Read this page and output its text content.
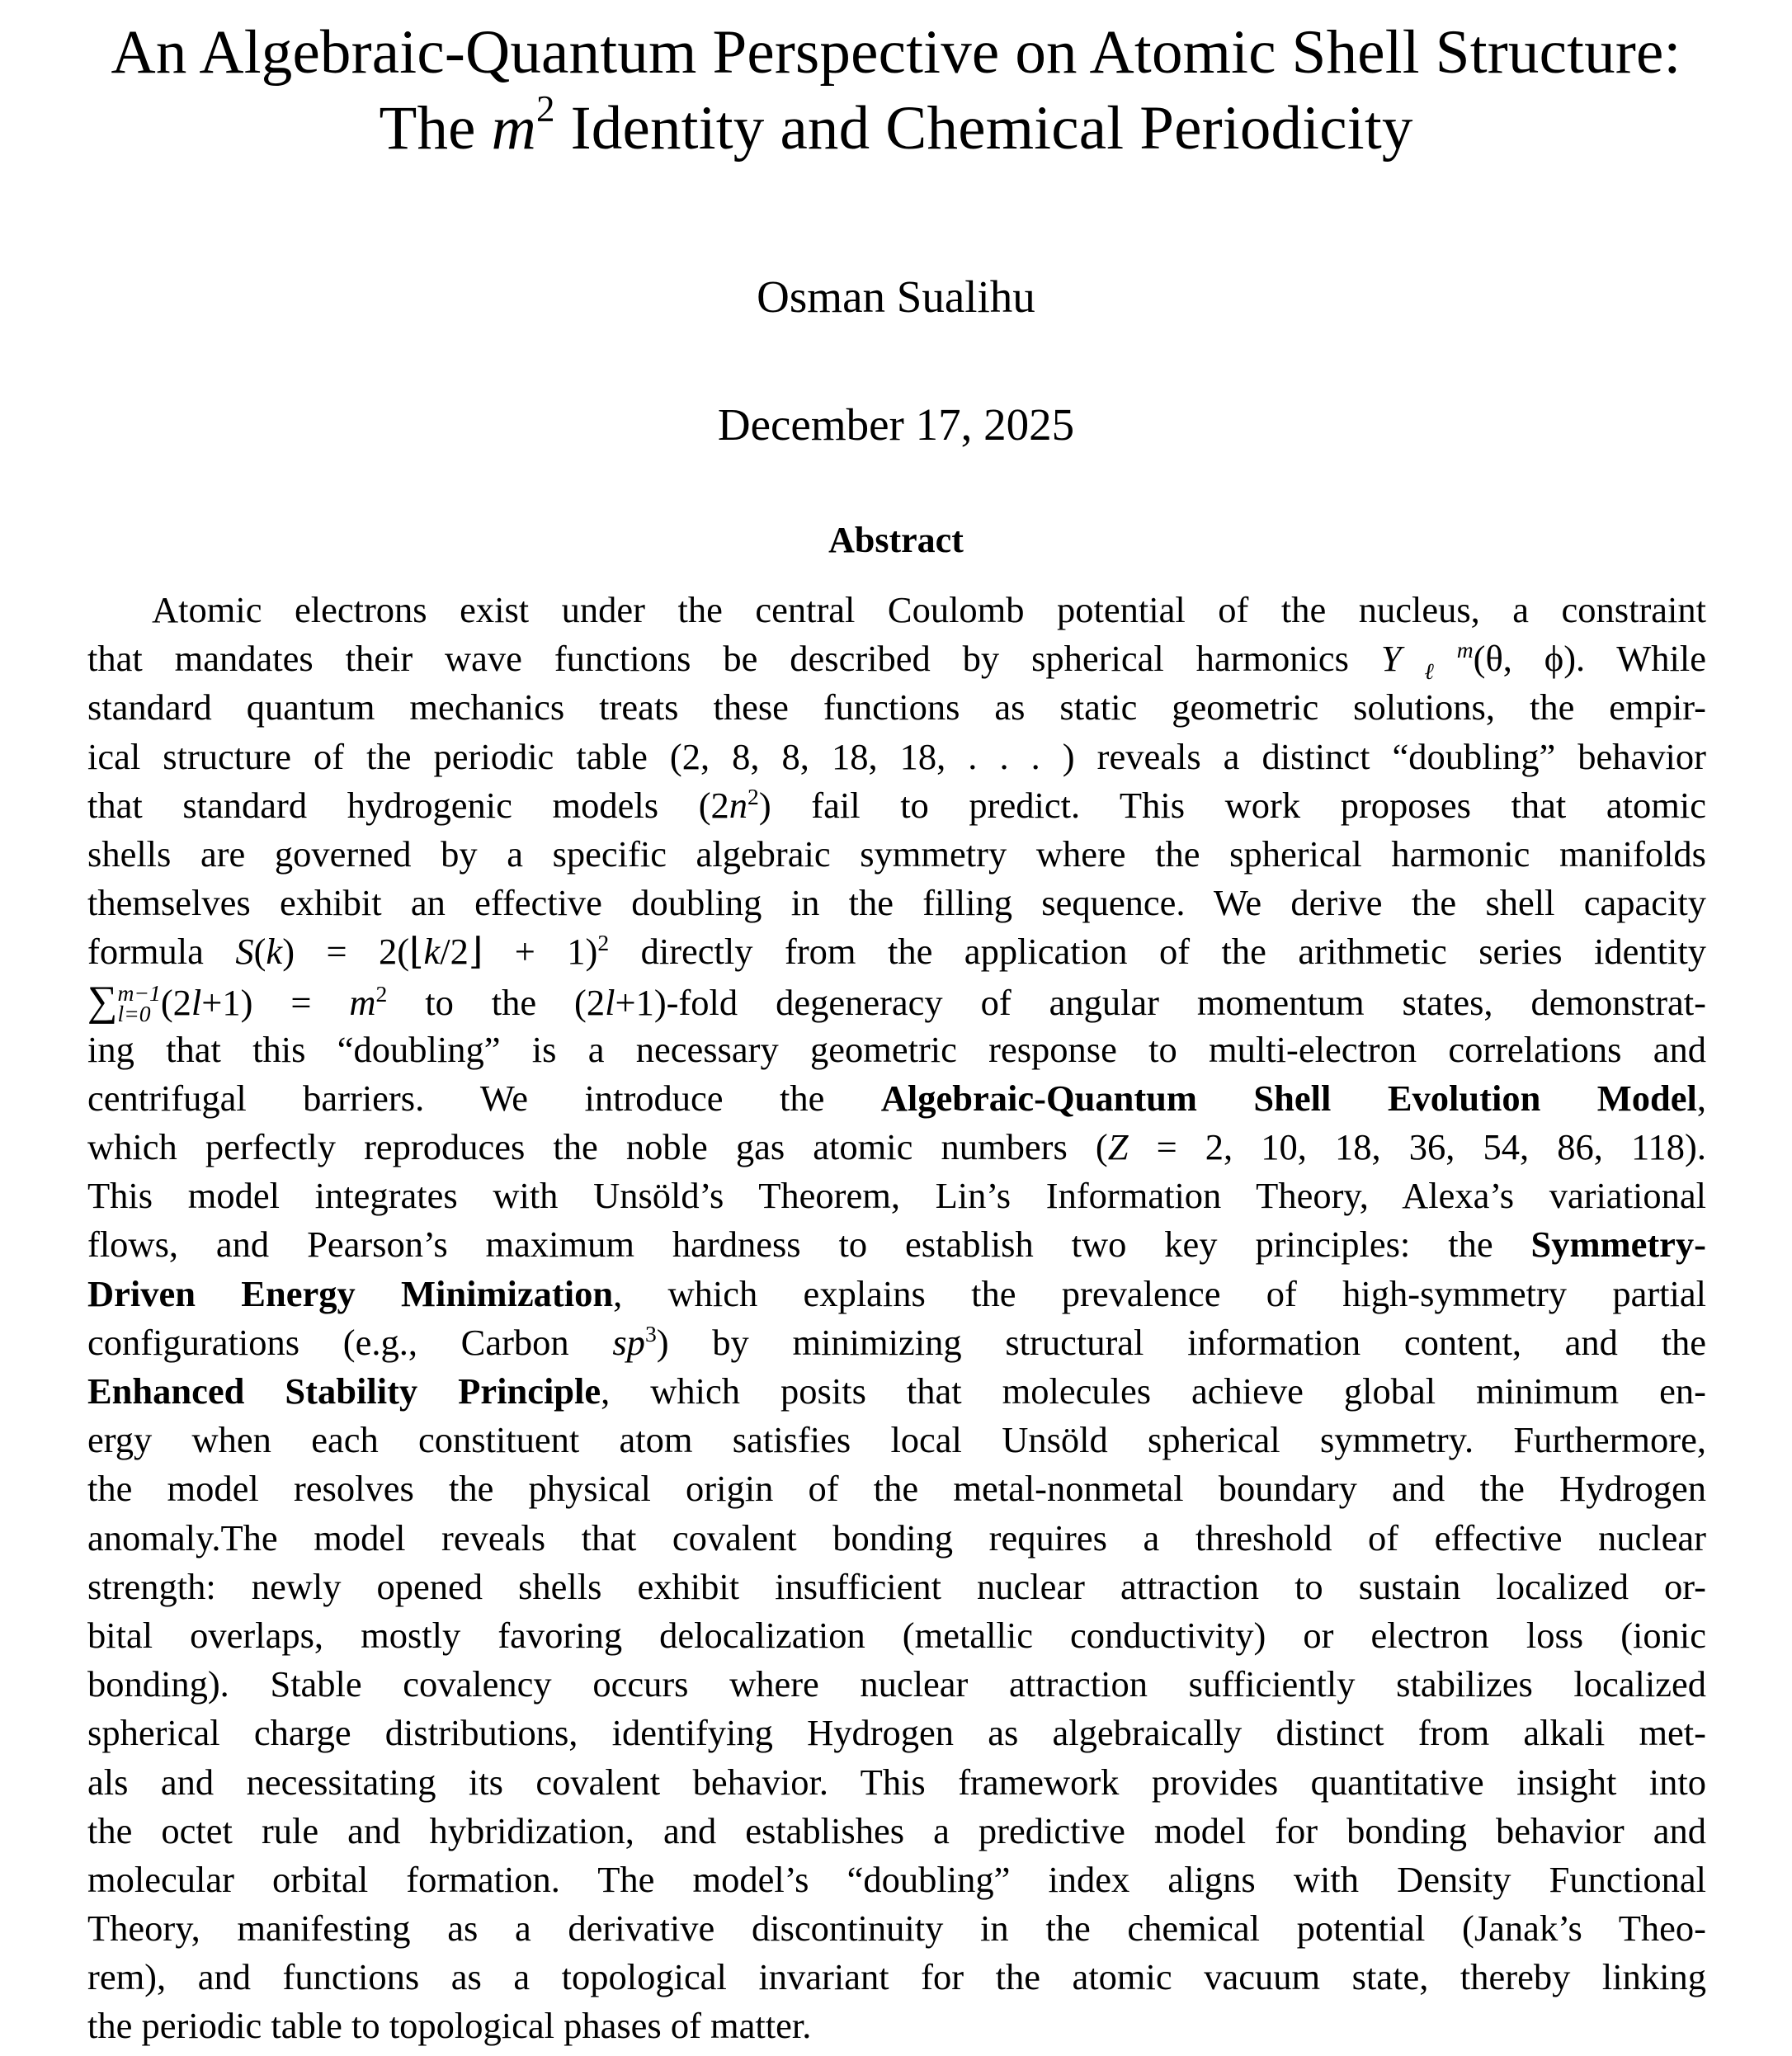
An Algebraic-Quantum Perspective on Atomic Shell Structure:
The $m^2$ Identity and Chemical Periodicity
Osman Sualihu
December 17, 2025
Abstract
Atomic electrons exist under the central Coulomb potential of the nucleus, a constraint
that mandates their wave functions be described by spherical harmonics $Y_\ell^m(\theta$, ϕ). While
standard quantum mechanics treats these functions as static geometric solutions, the empir-
ical structure of the periodic table (2, 8, 8, 18, 18, . . . ) reveals a distinct “doubling” behavior
that standard hydrogenic models $(2n^2)$ fail to predict. This work proposes that atomic
shells are governed by a specific algebraic symmetry where the spherical harmonic manifolds
themselves exhibit an effective doubling in the filling sequence. We derive the shell capacity
formula S(k) = 2(⌊k/2⌋ + 1)$^2$ directly from the application of the arithmetic series identity
∑ m−1
l=0 $(2l+1) = m^2$ to the (2l+1)-fold degeneracy of angular momentum states, demonstrat-
ing that this “doubling” is a necessary geometric response to multi-electron correlations and
centrifugal barriers. We introduce the Algebraic-Quantum Shell Evolution Model,
which perfectly reproduces the noble gas atomic numbers (Z = 2, 10, 18, 36, 54, 86, 118).
This model integrates with Unsöld’s Theorem, Lin’s Information Theory, Alexa’s variational
flows, and Pearson’s maximum hardness to establish two key principles: the Symmetry-
Driven Energy Minimization, which explains the prevalence of high-symmetry partial
configurations (e.g., Carbon $sp^3$) by minimizing structural information content, and the
Enhanced Stability Principle, which posits that molecules achieve global minimum en-
ergy when each constituent atom satisfies local Unsöld spherical symmetry. Furthermore,
the model resolves the physical origin of the metal-nonmetal boundary and the Hydrogen
anomaly.The model reveals that covalent bonding requires a threshold of effective nuclear
strength: newly opened shells exhibit insufficient nuclear attraction to sustain localized or-
bital overlaps, mostly favoring delocalization (metallic conductivity) or electron loss (ionic
bonding). Stable covalency occurs where nuclear attraction sufficiently stabilizes localized
spherical charge distributions, identifying Hydrogen as algebraically distinct from alkali met-
als and necessitating its covalent behavior. This framework provides quantitative insight into
the octet rule and hybridization, and establishes a predictive model for bonding behavior and
molecular orbital formation. The model’s “doubling” index aligns with Density Functional
Theory, manifesting as a derivative discontinuity in the chemical potential (Janak’s Theo-
rem), and functions as a topological invariant for the atomic vacuum state, thereby linking
the periodic table to topological phases of matter.
